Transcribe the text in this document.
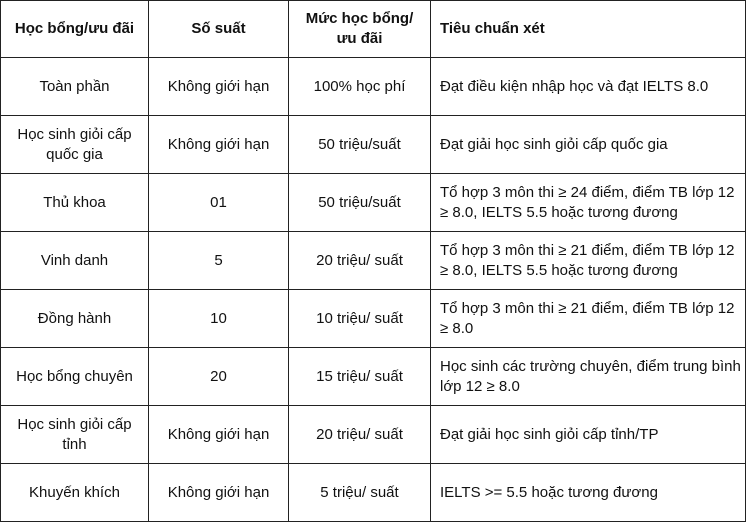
Học bổng/ưu đãi	Số suất	Mức học bổng/ưu đãi	Tiêu chuẩn xét
Toàn phần	Không giới hạn	100% học phí	Đạt điều kiện nhập học và đạt IELTS 8.0
Học sinh giỏi cấp quốc gia	Không giới hạn	50 triệu/suất	Đạt giải học sinh giỏi cấp quốc gia
Thủ khoa	01	50 triệu/suất	Tổ hợp 3 môn thi ≥ 24 điểm, điểm TB lớp 12 ≥ 8.0, IELTS 5.5 hoặc tương đương
Vinh danh	5	20 triệu/ suất	Tổ hợp 3 môn thi ≥ 21 điểm, điểm TB lớp 12 ≥ 8.0, IELTS 5.5 hoặc tương đương
Đồng hành	10	10 triệu/ suất	Tổ hợp 3 môn thi ≥ 21 điểm, điểm TB lớp 12 ≥ 8.0
Học bổng chuyên	20	15 triệu/ suất	Học sinh các trường chuyên, điểm trung bình lớp 12 ≥ 8.0
Học sinh giỏi cấp tỉnh	Không giới hạn	20 triệu/ suất	Đạt giải học sinh giỏi cấp tỉnh/TP
Khuyến khích	Không giới hạn	5 triệu/ suất	IELTS >= 5.5 hoặc tương đương
